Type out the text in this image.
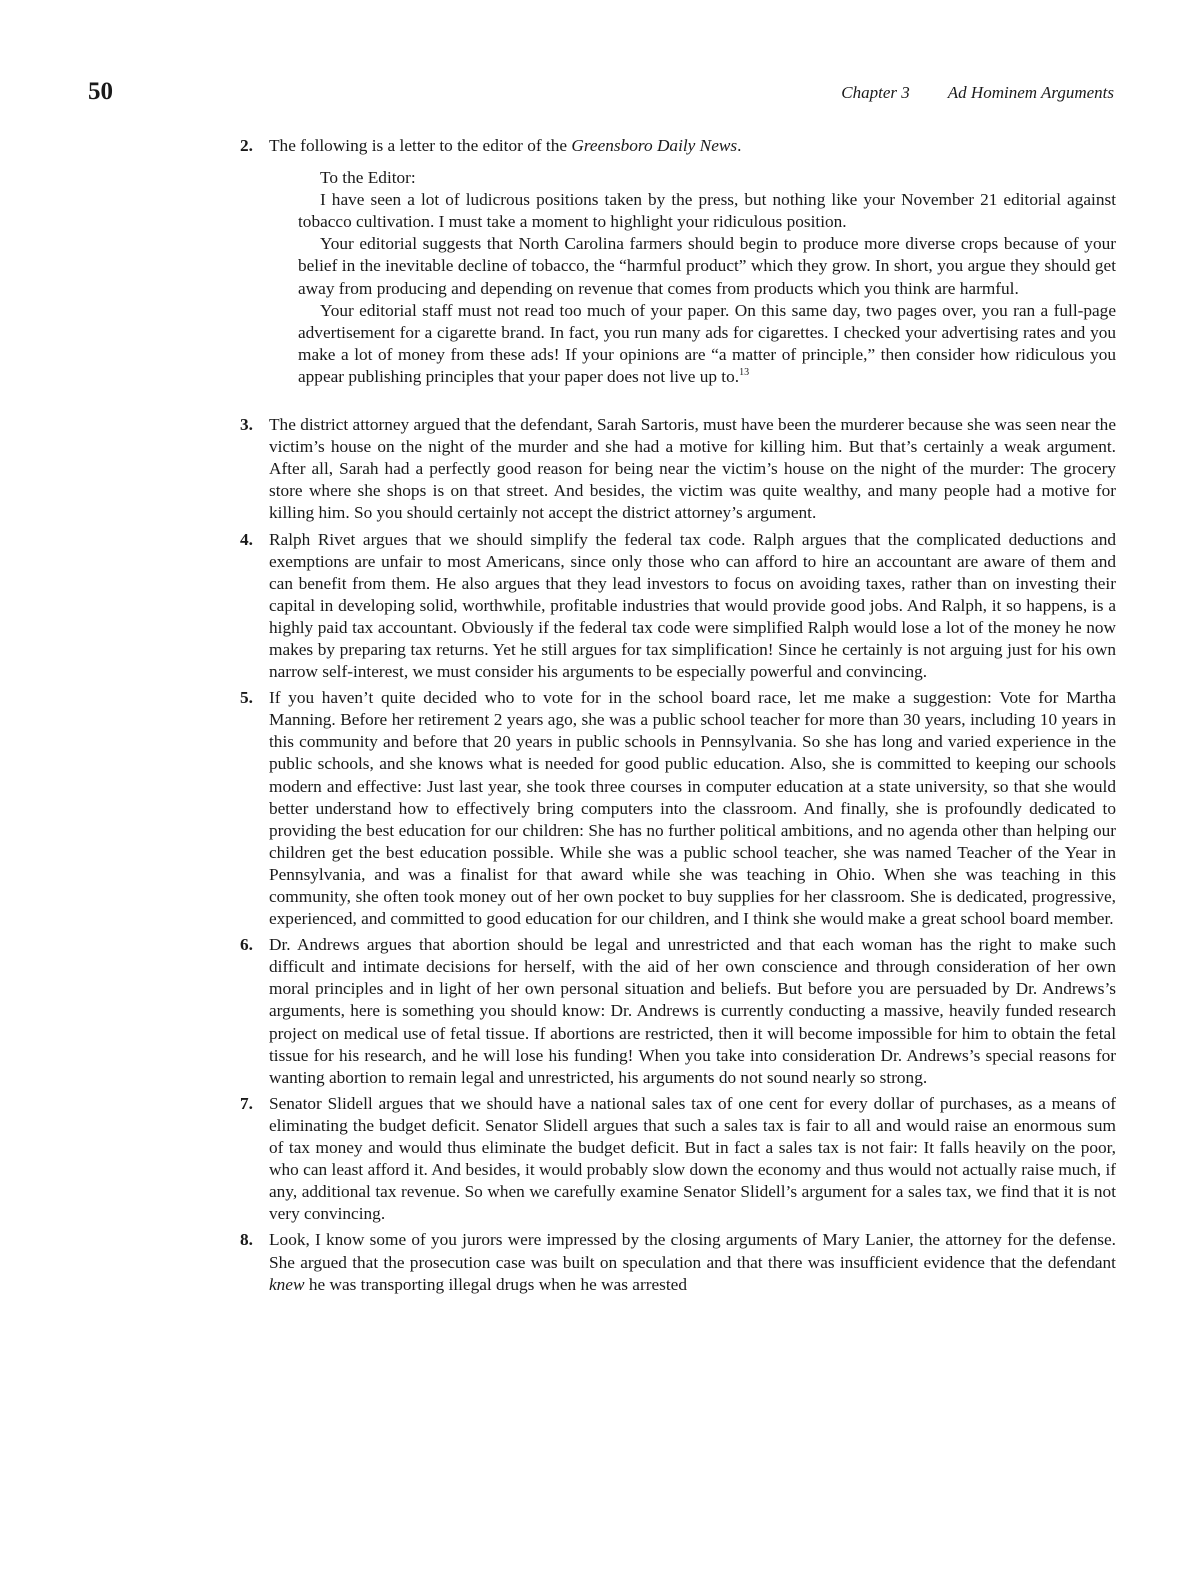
50	Chapter 3 Ad Hominem Arguments
2. The following is a letter to the editor of the Greensboro Daily News.

To the Editor:

I have seen a lot of ludicrous positions taken by the press, but nothing like your November 21 editorial against tobacco cultivation. I must take a moment to highlight your ridiculous position.

Your editorial suggests that North Carolina farmers should begin to produce more diverse crops because of your belief in the inevitable decline of tobacco, the “harmful product” which they grow. In short, you argue they should get away from producing and depending on revenue that comes from products which you think are harmful.

Your editorial staff must not read too much of your paper. On this same day, two pages over, you ran a full-page advertisement for a cigarette brand. In fact, you run many ads for cigarettes. I checked your advertising rates and you make a lot of money from these ads! If your opinions are “a matter of principle,” then consider how ridiculous you appear publishing principles that your paper does not live up to.$^{13}$

3. The district attorney argued that the defendant, Sarah Sartoris, must have been the murderer because she was seen near the victim’s house on the night of the murder and she had a motive for killing him. But that’s certainly a weak argument. After all, Sarah had a perfectly good reason for being near the victim’s house on the night of the murder: The grocery store where she shops is on that street. And besides, the victim was quite wealthy, and many people had a motive for killing him. So you should certainly not accept the district attorney’s argument.
4. Ralph Rivet argues that we should simplify the federal tax code. Ralph argues that the complicated deductions and exemptions are unfair to most Americans, since only those who can afford to hire an accountant are aware of them and can benefit from them. He also argues that they lead investors to focus on avoiding taxes, rather than on investing their capital in developing solid, worthwhile, profitable industries that would provide good jobs. And Ralph, it so happens, is a highly paid tax accountant. Obviously if the federal tax code were simplified Ralph would lose a lot of the money he now makes by preparing tax returns. Yet he still argues for tax simplification! Since he certainly is not arguing just for his own narrow self-interest, we must consider his arguments to be especially powerful and convincing.
5. If you haven’t quite decided who to vote for in the school board race, let me make a suggestion: Vote for Martha Manning. Before her retirement 2 years ago, she was a public school teacher for more than 30 years, including 10 years in this community and before that 20 years in public schools in Pennsylvania. So she has long and varied experience in the public schools, and she knows what is needed for good public education. Also, she is committed to keeping our schools modern and effective: Just last year, she took three courses in computer education at a state university, so that she would better understand how to effectively bring computers into the classroom. And finally, she is profoundly dedicated to providing the best education for our children: She has no further political ambitions, and no agenda other than helping our children get the best education possible. While she was a public school teacher, she was named Teacher of the Year in Pennsylvania, and was a finalist for that award while she was teaching in Ohio. When she was teaching in this community, she often took money out of her own pocket to buy supplies for her classroom. She is dedicated, progressive, experienced, and committed to good education for our children, and I think she would make a great school board member.
6. Dr. Andrews argues that abortion should be legal and unrestricted and that each woman has the right to make such difficult and intimate decisions for herself, with the aid of her own conscience and through consideration of her own moral principles and in light of her own personal situation and beliefs. But before you are persuaded by Dr. Andrews’s arguments, here is something you should know: Dr. Andrews is currently conducting a massive, heavily funded research project on medical use of fetal tissue. If abortions are restricted, then it will become impossible for him to obtain the fetal tissue for his research, and he will lose his funding! When you take into consideration Dr. Andrews’s special reasons for wanting abortion to remain legal and unrestricted, his arguments do not sound nearly so strong.
7. Senator Slidell argues that we should have a national sales tax of one cent for every dollar of purchases, as a means of eliminating the budget deficit. Senator Slidell argues that such a sales tax is fair to all and would raise an enormous sum of tax money and would thus eliminate the budget deficit. But in fact a sales tax is not fair: It falls heavily on the poor, who can least afford it. And besides, it would probably slow down the economy and thus would not actually raise much, if any, additional tax revenue. So when we carefully examine Senator Slidell’s argument for a sales tax, we find that it is not very convincing.
8. Look, I know some of you jurors were impressed by the closing arguments of Mary Lanier, the attorney for the defense. She argued that the prosecution case was built on speculation and that there was insufficient evidence that the defendant knew he was transporting illegal drugs when he was arrested
